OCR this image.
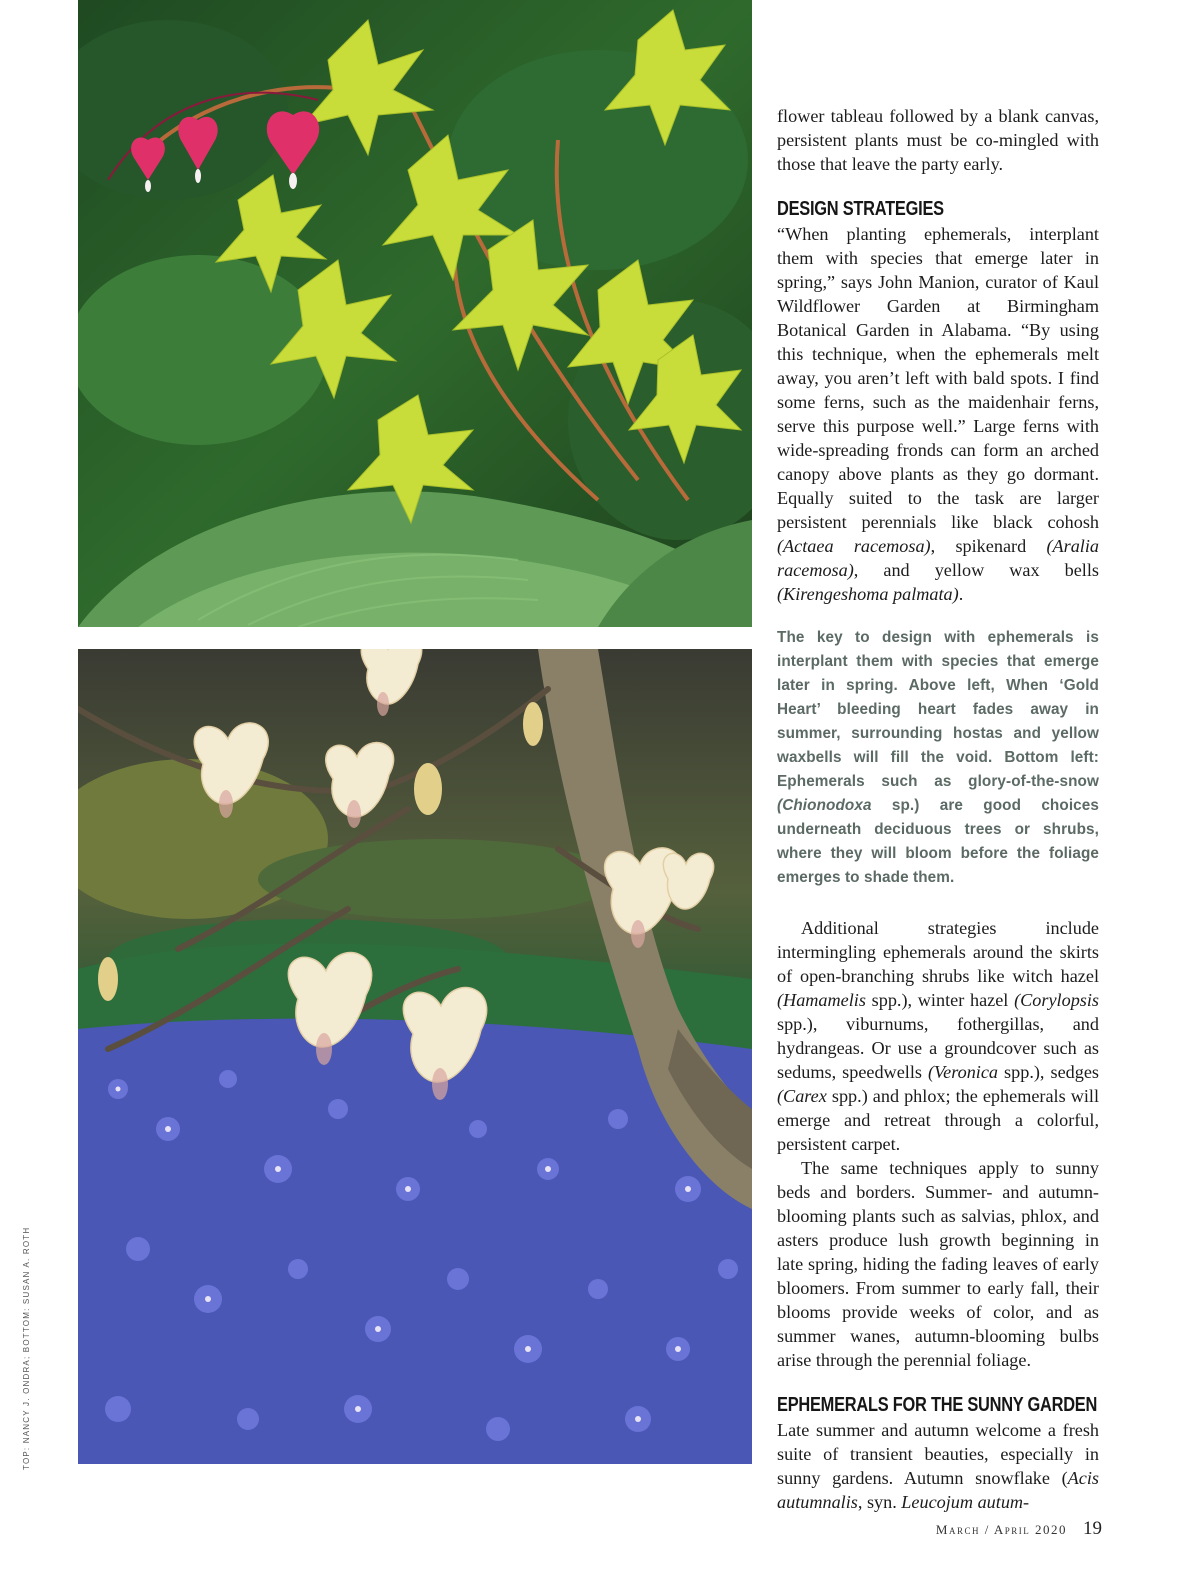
TOP: NANCY J. ONDRA; BOTTOM: SUSAN A. ROTH

flower tableau followed by a blank canvas, persistent plants must be co-mingled with those that leave the party early.

DESIGN STRATEGIES

“When planting ephemerals, interplant them with species that emerge later in spring,” says John Manion, curator of Kaul Wildflower Garden at Birmingham Botanical Garden in Alabama. “By using this technique, when the ephemerals melt away, you aren’t left with bald spots. I find some ferns, such as the maidenhair ferns, serve this purpose well.” Large ferns with wide-spreading fronds can form an arched canopy above plants as they go dormant. Equally suited to the task are larger persistent perennials like black cohosh (Actaea racemosa), spikenard (Aralia racemosa), and yellow wax bells (Kirengeshoma palmata).

The key to design with ephemerals is interplant them with species that emerge later in spring. Above left, When ‘Gold Heart’ bleeding heart fades away in summer, surrounding hostas and yellow waxbells will fill the void. Bottom left: Ephemerals such as glory-of-the-snow (Chionodoxa sp.) are good choices underneath deciduous trees or shrubs, where they will bloom before the foliage emerges to shade them.

Additional strategies include intermingling ephemerals around the skirts of open-branching shrubs like witch hazel (Hamamelis spp.), winter hazel (Corylopsis spp.), viburnums, fothergillas, and hydrangeas. Or use a groundcover such as sedums, speedwells (Veronica spp.), sedges (Carex spp.) and phlox; the ephemerals will emerge and retreat through a colorful, persistent carpet.

The same techniques apply to sunny beds and borders. Summer- and autumn-blooming plants such as salvias, phlox, and asters produce lush growth beginning in late spring, hiding the fading leaves of early bloomers. From summer to early fall, their blooms provide weeks of color, and as summer wanes, autumn-blooming bulbs arise through the perennial foliage.

EPHEMERALS FOR THE SUNNY GARDEN

Late summer and autumn welcome a fresh suite of transient beauties, especially in sunny gardens. Autumn snowflake (Acis autumnalis, syn. Leucojum autum-

March / April 2020 19
